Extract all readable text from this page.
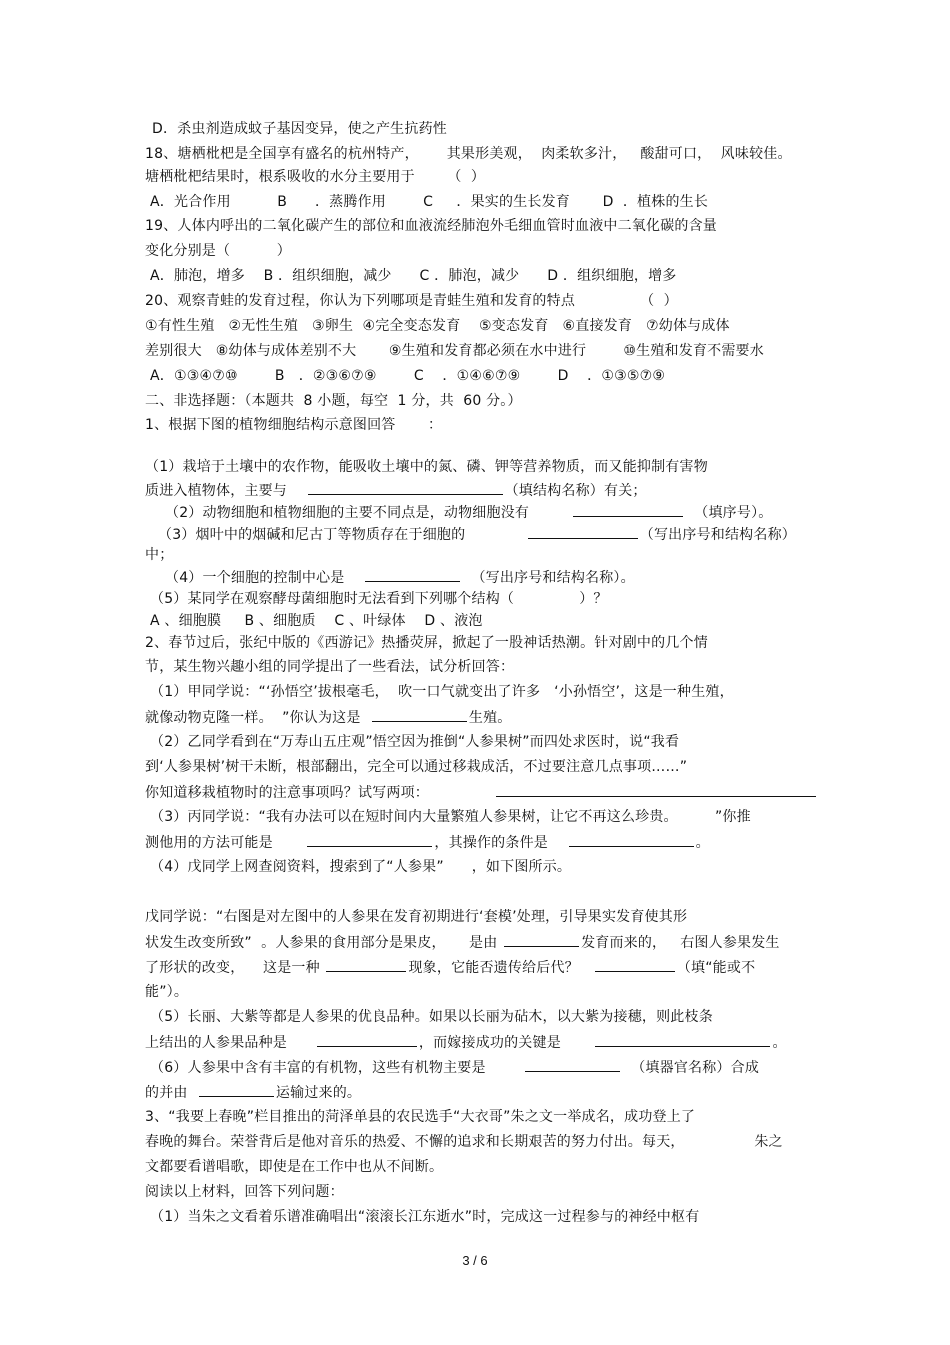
D．杀虫剂造成蚊子基因变异，使之产生抗药性
18、塘栖枇杷是全国享有盛名的杭州特产，      其果形美观，  肉柔软多汁，   酸甜可口，  风味较佳。
塘栖枇杷结果时，根系吸收的水分主要用于       （  ）
A．光合作用          B      ．蒸腾作用        C     ．果实的生长发育       D  ．植株的生长
19、人体内呼出的二氧化碳产生的部位和血液流经肺泡外毛细血管时血液中二氧化碳的含量
变化分别是（          ）
A．肺泡，增多    B ．组织细胞，减少      C ．肺泡，减少      D ．组织细胞，增多
20、观察青蛙的发育过程，你认为下列哪项是青蛙生殖和发育的特点              （  ）
①有性生殖   ②无性生殖   ③卵生  ④完全变态发育    ⑤变态发育   ⑥直接发育   ⑦幼体与成体
差别很大   ⑧幼体与成体差别不大       ⑨生殖和发育都必须在水中进行        ⑩生殖和发育不需要水
A．①③④⑦⑩        B   ．②③⑥⑦⑨        C    ．①④⑥⑦⑨        D    ．①③⑤⑦⑨
二、非选择题：（本题共  8 小题，每空  1 分，共  60 分。）
1、根据下图的植物细胞结构示意图回答       ：
（1）栽培于土壤中的农作物，能吸收土壤中的氮、磷、钾等营养物质，而又能抑制有害物
质进入植物体，主要与	（填结构名称）有关；
（2）动物细胞和植物细胞的主要不同点是，动物细胞没有	（填序号）。
（3）烟叶中的烟碱和尼古丁等物质存在于细胞的	（写出序号和结构名称）
中；
（4）一个细胞的控制中心是	（写出序号和结构名称）。
（5）某同学在观察酵母菌细胞时无法看到下列哪个结构（              ）？
A 、细胞膜     B 、细胞质    C 、叶绿体    D 、液泡
2、春节过后，张纪中版的《西游记》热播荧屏，掀起了一股神话热潮。针对剧中的几个情
节，某生物兴趣小组的同学提出了一些看法，试分析回答：
（1）甲同学说：“‘孙悟空’拔根毫毛，  吹一口气就变出了许多   ‘小孙悟空’，这是一种生殖，
就像动物克隆一样。  ”你认为这是	生殖。
（2）乙同学看到在“万寿山五庄观”悟空因为推倒“人参果树”而四处求医时，说“我看
到‘人参果树’树干未断，根部翻出，完全可以通过移栽成活，不过要注意几点事项……”
你知道移栽植物时的注意事项吗？试写两项：
（3）丙同学说：“我有办法可以在短时间内大量繁殖人参果树，让它不再这么珍贵。        ”你推
测他用的方法可能是	，其操作的条件是	。
（4）戊同学上网查阅资料，搜索到了“人参果”      ，如下图所示。
戊同学说：“右图是对左图中的人参果在发育初期进行‘套模’处理，引导果实发育使其形
状发生改变所致”  。人参果的食用部分是果皮，     是由	发育而来的，   右图人参果发生
了形状的改变，    这是一种	现象，它能否遗传给后代？	（填“能或不
能”）。
（5）长丽、大紫等都是人参果的优良品种。如果以长丽为砧木，以大紫为接穗，则此枝条
上结出的人参果品种是	，而嫁接成功的关键是	。
（6）人参果中含有丰富的有机物，这些有机物主要是	（填器官名称）合成
的并由	运输过来的。
3、“我要上春晚”栏目推出的菏泽单县的农民选手“大衣哥”朱之文一举成名，成功登上了
春晚的舞台。荣誉背后是他对音乐的热爱、不懈的追求和长期艰苦的努力付出。每天，               朱之
文都要看谱唱歌，即使是在工作中也从不间断。
阅读以上材料，回答下列问题：
（1）当朱之文看着乐谱准确唱出“滚滚长江东逝水”时，完成这一过程参与的神经中枢有
3 / 6
